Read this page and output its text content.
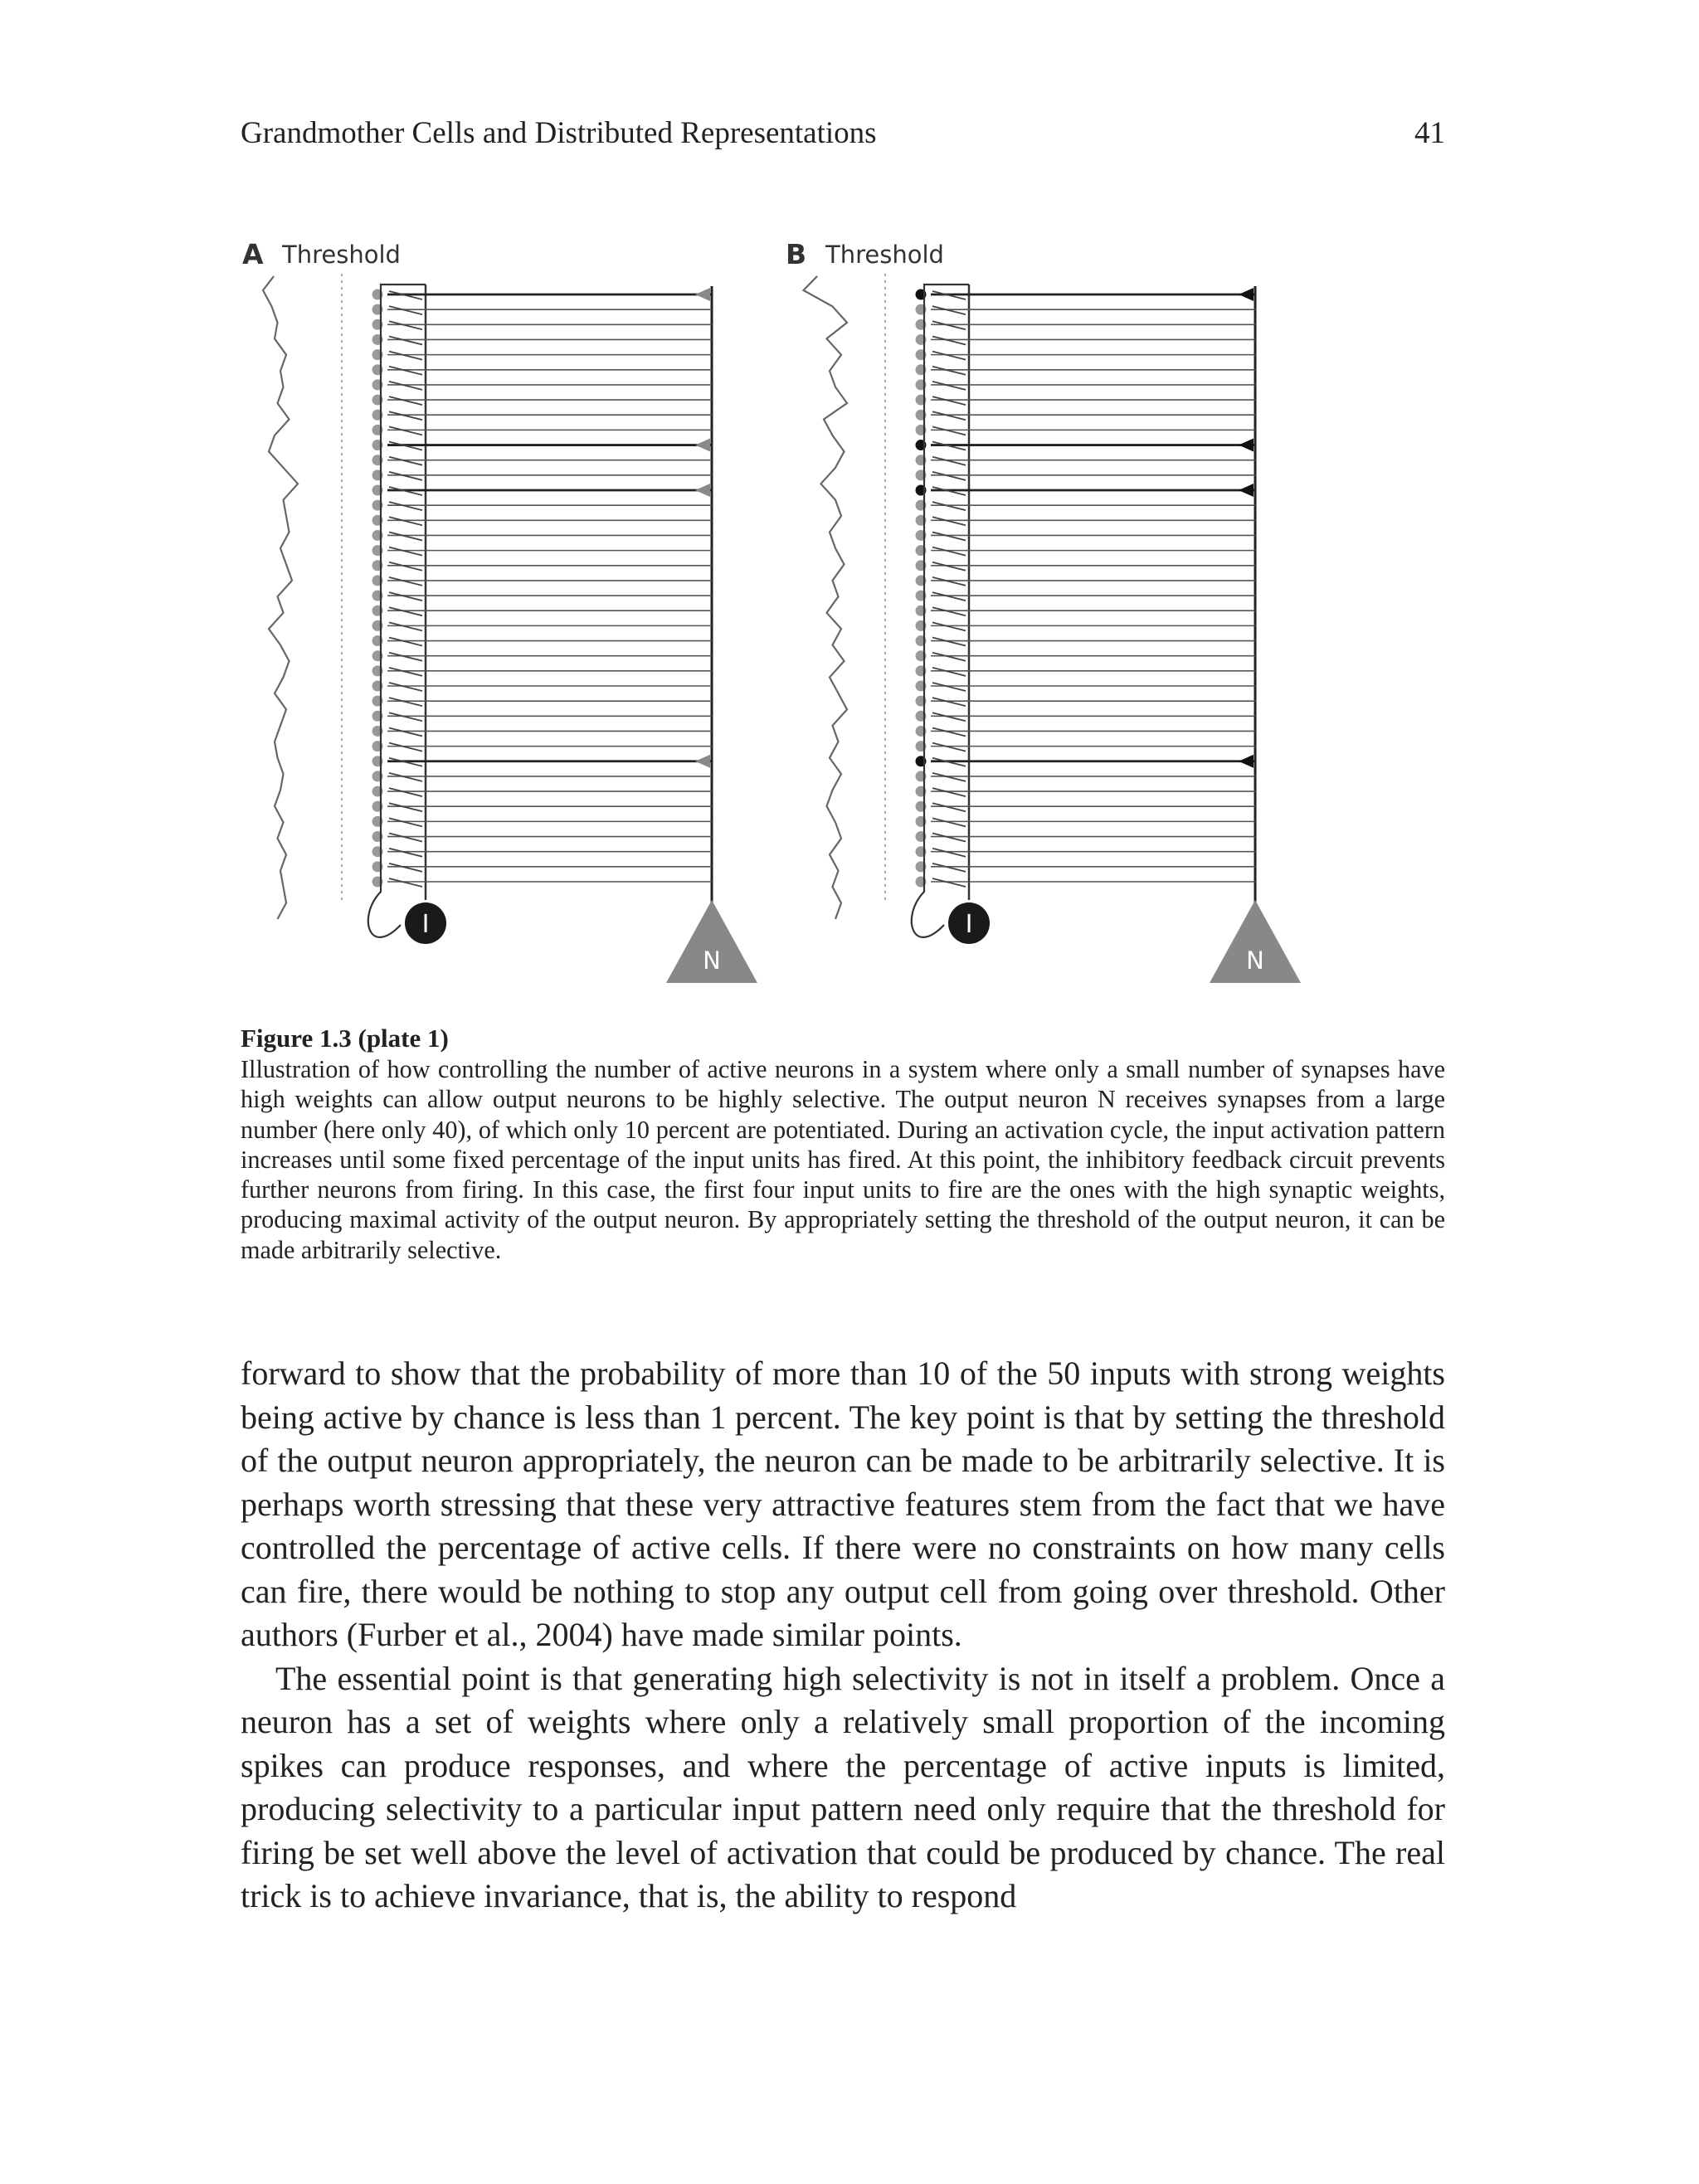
Grandmother Cells and Distributed Representations	41
A Threshold
I
N
B Threshold
I
N
Figure 1.3 (plate 1)

Illustration of how controlling the number of active neurons in a system where only a small number of synapses have high weights can allow output neurons to be highly selective. The output neuron N receives synapses from a large number (here only 40), of which only 10 percent are potentiated. During an activation cycle, the input activation pattern increases until some fixed percentage of the input units has fired. At this point, the inhibitory feedback circuit prevents further neurons from firing. In this case, the first four input units to fire are the ones with the high synaptic weights, producing maximal activity of the output neuron. By appropriately setting the threshold of the output neuron, it can be made arbitrarily selective.

forward to show that the probability of more than 10 of the 50 inputs with strong weights being active by chance is less than 1 percent. The key point is that by setting the threshold of the output neuron appropriately, the neuron can be made to be arbitrarily selective. It is perhaps worth stressing that these very attractive features stem from the fact that we have controlled the percentage of active cells. If there were no constraints on how many cells can fire, there would be nothing to stop any output cell from going over threshold. Other authors (Furber et al., 2004) have made similar points.

The essential point is that generating high selectivity is not in itself a problem. Once a neuron has a set of weights where only a relatively small proportion of the incoming spikes can produce responses, and where the percentage of active inputs is limited, producing selectivity to a particular input pattern need only require that the threshold for firing be set well above the level of activation that could be produced by chance. The real trick is to achieve invariance, that is, the ability to respond
